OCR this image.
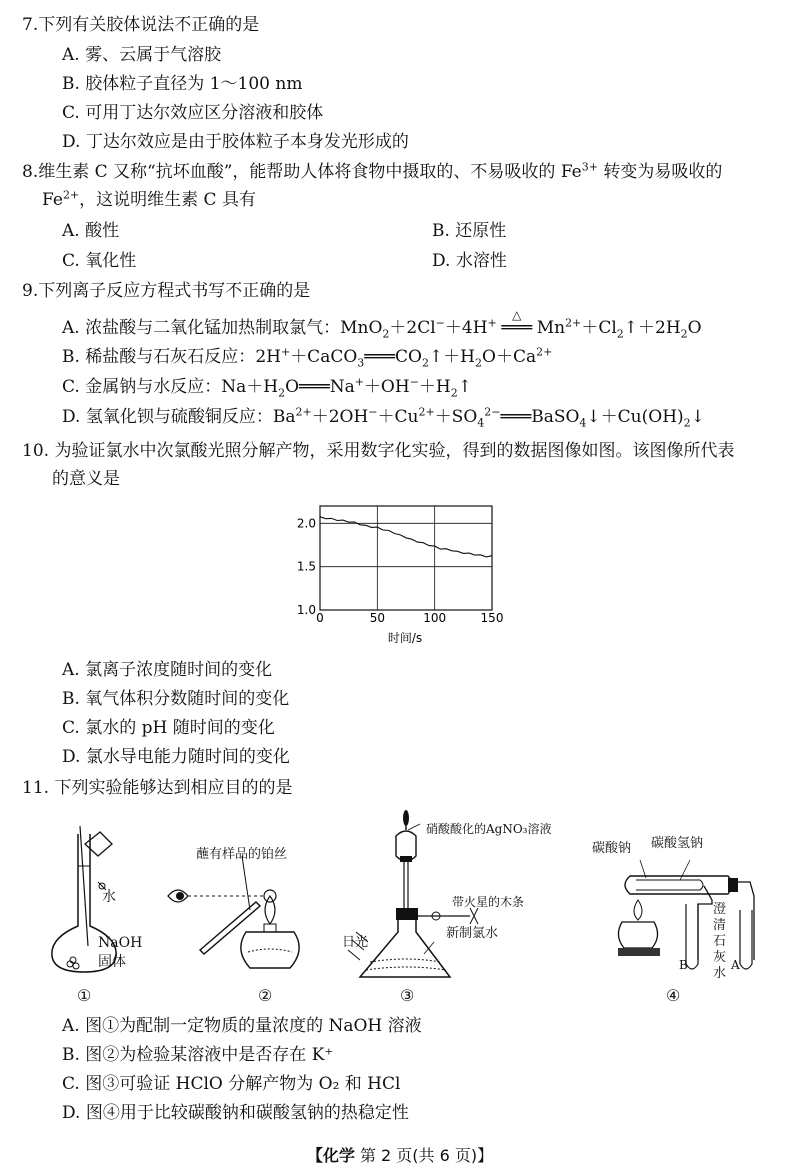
7.下列有关胶体说法不正确的是
A. 雾、云属于气溶胶
B. 胶体粒子直径为 1～100 nm
C. 可用丁达尔效应区分溶液和胶体
D. 丁达尔效应是由于胶体粒子本身发光形成的
8.维生素 C 又称“抗坏血酸”，能帮助人体将食物中摄取的、不易吸收的 $Fe^{3+}$ 转变为易吸收的
$Fe^{2+}$，这说明维生素 C 具有
A. 酸性	B. 还原性
C. 氧化性	D. 水溶性
9.下列离子反应方程式书写不正确的是
A. 浓盐酸与二氧化锰加热制取氯气：MnO$_2$＋2Cl−＋4H+
△
═══ $Mn^{2+}+Cl_2↑+2H_2O$
B. 稀盐酸与石灰石反应：$2H^++CaCO_3═══CO_2↑+H_2O+Ca^{2+}$
C. 金属钠与水反应：$Na+H_2O═══Na^++OH^-+H_2↑$
D. 氢氧化钡与硫酸铜反应：$Ba^{2+}+2OH^-+Cu^{2+}+SO_4^{2-}═══BaSO_4↓+Cu(OH)_2↓$
10. 为验证氯水中次氯酸光照分解产物，采用数字化实验，得到的数据图像如图。该图像所代表
的意义是
0	50	100	150
1.0
1.5
2.0
时间/s
A. 氯离子浓度随时间的变化
B. 氧气体积分数随时间的变化
C. 氯水的 pH 随时间的变化
D. 氯水导电能力随时间的变化
11. 下列实验能够达到相应目的的是
水
NaOH
固体
①
蘸有样品的铂丝
②
硝酸酸化的AgNO₃溶液
带火星的木条
日光
新制氯水
③
碳酸钠 碳酸氢钠
澄清石灰水
B	A
④
A. 图①为配制一定物质的量浓度的 NaOH 溶液
B. 图②为检验某溶液中是否存在 K⁺
C. 图③可验证 HClO 分解产物为 O₂ 和 HCl
D. 图④用于比较碳酸钠和碳酸氢钠的热稳定性
【化学 第 2 页(共 6 页)】
